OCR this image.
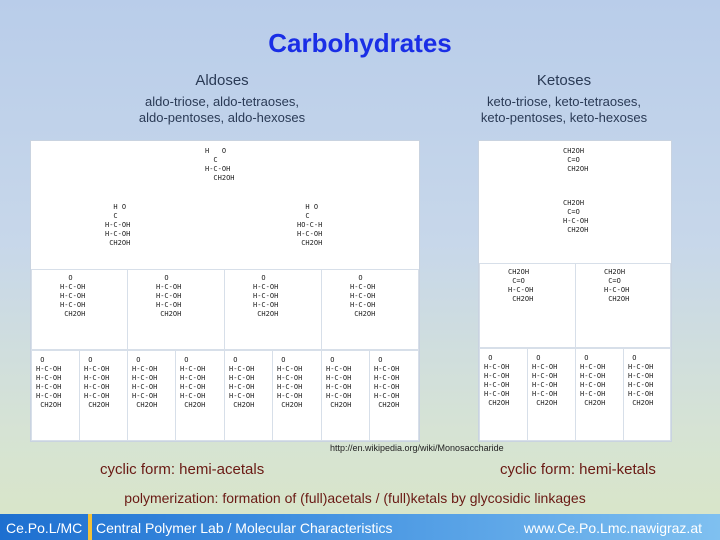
Carbohydrates
Aldoses
aldo-triose, aldo-tetraoses,
aldo-pentoses, aldo-hexoses
Ketoses
keto-triose, keto-tetraoses,
keto-pentoses, keto-hexoses
H   O
C
H-C-OH
CH2OH
H O
C
H-C-OH
H-C-OH
CH2OH
H O
C
HO-C-H
H-C-OH
CH2OH
O
H-C-OH
H-C-OH
H-C-OH
CH2OH
O
H-C-OH
H-C-OH
H-C-OH
CH2OH
O
H-C-OH
H-C-OH
H-C-OH
CH2OH
O
H-C-OH
H-C-OH
H-C-OH
CH2OH
O
H-C-OH
H-C-OH
H-C-OH
H-C-OH
CH2OH
O
H-C-OH
H-C-OH
H-C-OH
H-C-OH
CH2OH
O
H-C-OH
H-C-OH
H-C-OH
H-C-OH
CH2OH
O
H-C-OH
H-C-OH
H-C-OH
H-C-OH
CH2OH
O
H-C-OH
H-C-OH
H-C-OH
H-C-OH
CH2OH
O
H-C-OH
H-C-OH
H-C-OH
H-C-OH
CH2OH
O
H-C-OH
H-C-OH
H-C-OH
H-C-OH
CH2OH
O
H-C-OH
H-C-OH
H-C-OH
H-C-OH
CH2OH
CH2OH
C=O
CH2OH
CH2OH
C=O
H-C-OH
CH2OH
CH2OH
C=O
H-C-OH
CH2OH
CH2OH
C=O
H-C-OH
CH2OH
O
H-C-OH
H-C-OH
H-C-OH
H-C-OH
CH2OH
O
H-C-OH
H-C-OH
H-C-OH
H-C-OH
CH2OH
O
H-C-OH
H-C-OH
H-C-OH
H-C-OH
CH2OH
O
H-C-OH
H-C-OH
H-C-OH
H-C-OH
CH2OH
http://en.wikipedia.org/wiki/Monosaccharide
cyclic form: hemi-acetals	cyclic form: hemi-ketals
polymerization: formation of (full)acetals / (full)ketals by glycosidic linkages
Ce.Po.L/MC Central Polymer Lab / Molecular Characteristics	www.Ce.Po.Lmc.nawigraz.at
